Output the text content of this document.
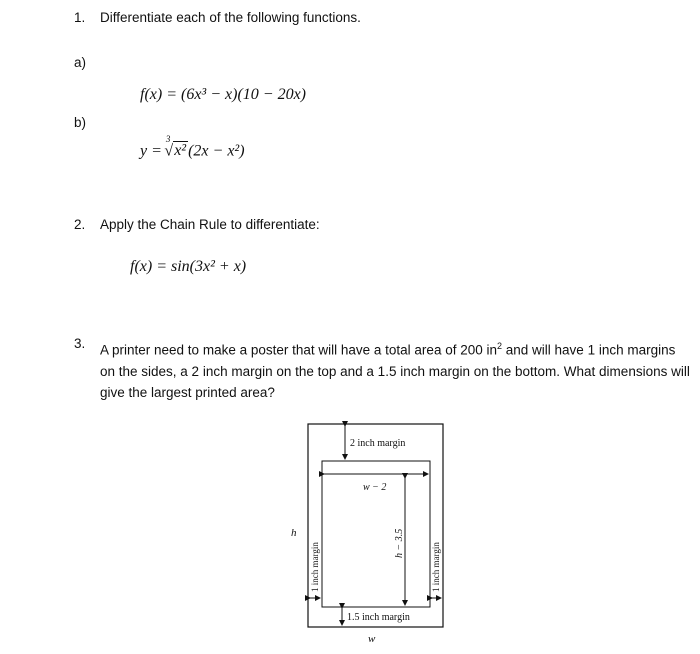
1. Differentiate each of the following functions.
a)
f(x) = (6x³ − x)(10 − 20x)
b)
y = $^3$√x² (2x − x²)
2. Apply the Chain Rule to differentiate:
f(x) = sin(3x² + x)
3. A printer need to make a poster that will have a total area of 200 $in^2$ and will have 1 inch margins on the sides, a 2 inch margin on the top and a 1.5 inch margin on the bottom. What dimensions will give the largest printed area?
2 inch margin
w − 2
h − 3.5
h
1 inch margin	1 inch margin
1.5 inch margin
w
